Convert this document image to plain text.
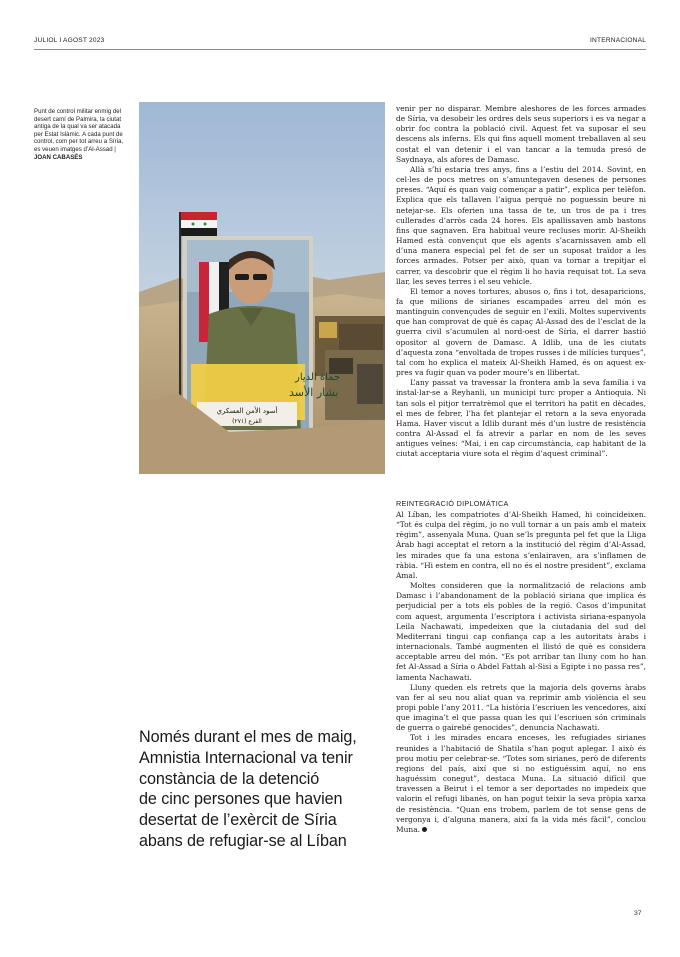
JULIOL I AGOST 2023	INTERNACIONAL
Punt de control militar enmig del desert camí de Palmira, la ciutat antiga de la qual va ser atacada per Estat Islàmic. A cada punt de control, com per tot arreu a Síria, es veuen imatges d’Al-Assad | JOAN CABASÉS
حماة الديار
بشار الأسد
أسود الأمن العسكري
الفرع (٢٧١)
Només durant el mes de maig,
Amnistia Internacional va tenir
constància de la detenció
de cinc persones que havien
desertat de l’exèrcit de Síria
abans de refugiar-se al Líban

venir per no disparar. Membre aleshores de les forces armades de Síria, va desobeir les ordres dels seus superiors i es va negar a obrir foc contra la població civil. Aquest fet va suposar el seu descens als inferns. Els qui fins aquell moment treballaven al seu costat el van detenir i el van tancar a la temuda presó de Saydnaya, als afores de Damasc.

Allà s’hi estaria tres anys, fins a l’estiu del 2014. Sovint, en cel·les de pocs metres on s’amuntegaven desenes de persones preses. “Aquí és quan vaig començar a patir”, explica per telèfon. Explica que els tallaven l’aigua perquè no poguessin beure ni netejar-se. Els oferien una tassa de te, un tros de pa i tres cullerades d’arròs cada 24 hores. Els apallissaven amb bastons fins que sagnaven. Era habitual veure recluses morir. Al-Sheikh Hamed està convençut que els agents s’acarnissaven amb ell d’una manera especial pel fet de ser un suposat traïdor a les forces armades. Potser per això, quan va tornar a trepitjar el carrer, va descobrir que el règim li ho havia requisat tot. La seva llar, les seves terres i el seu vehicle.

El temor a noves tortures, abusos o, fins i tot, desaparicions, fa que milions de sirianes escampades arreu del món es mantinguin convençudes de seguir en l’exili. Moltes supervivents que han comprovat de què és capaç Al-Assad des de l’esclat de la guerra civil s’acumulen al nord-oest de Síria, el darrer bastió opositor al govern de Damasc. A Idlib, una de les ciutats d’aquesta zona “envoltada de tropes russes i de milícies turques”, tal com ho explica el mateix Al-Sheikh Hamed, és on aquest ex-pres va fugir quan va poder moure’s en llibertat.

L’any passat va travessar la frontera amb la seva família i va instal·lar-se a Reyhanli, un municipi turc proper a Antioquia. Ni tan sols el pitjor terratrèmol que el territori ha patit en dècades, el mes de febrer, l’ha fet plantejar el retorn a la seva enyorada Hama. Haver viscut a Idlib durant més d’un lustre de resistència contra Al-Assad el fa atrevir a parlar en nom de les seves antigues veïnes: “Mai, i en cap circumstància, cap habitant de la ciutat acceptaria viure sota el règim d’aquest criminal”.

REINTEGRACIÓ DIPLOMÀTICA

Al Líban, les compatriotes d’Al-Sheikh Hamed, hi coincideixen. “Tot és culpa del règim, jo no vull tornar a un país amb el mateix règim”, assenyala Muna. Quan se’ls pregunta pel fet que la Lliga Àrab hagi acceptat el retorn a la institució del règim d’Al-Assad, les mirades que fa una estona s’enlairaven, ara s’inflamen de ràbia. “Hi estem en contra, ell no és el nostre president”, exclama Amal.

Moltes consideren que la normalització de relacions amb Damasc i l’abandonament de la població siriana que implica és perjudicial per a tots els pobles de la regió. Casos d’impunitat com aquest, argumenta l’escriptora i activista siriana-espanyola Leila Nachawati, impedeixen que la ciutadania del sud del Mediterrani tingui cap confiança cap a les autoritats àrabs i internacionals. També augmenten el llistó de què es considera acceptable arreu del món. “Es pot arribar tan lluny com ho han fet Al-Assad a Síria o Abdel Fattah al-Sisi a Egipte i no passa res”, lamenta Nachawati.

Lluny queden els retrets que la majoria dels governs àrabs van fer al seu nou aliat quan va reprimir amb violència el seu propi poble l’any 2011. “La història l’escriuen les vencedores, així que imagina’t el que passa quan les qui l’escriuen són criminals de guerra o gairebé genocides”, denuncia Nachawati.

Tot i les mirades encara enceses, les refugiades sirianes reunides a l’habitació de Shatila s’han pogut aplegar. I això és prou motiu per celebrar-se. “Totes som sirianes, però de diferents regions del país, així que si no estiguéssim aquí, no ens haguéssim conegut”, destaca Muna. La situació difícil que travessen a Beirut i el temor a ser deportades no impedeix que valorin el refugi libanès, on han pogut teixir la seva pròpia xarxa de resistència. “Quan ens trobem, parlem de tot sense gens de vergonya i, d’alguna manera, així fa la vida més fàcil”, conclou Muna.

37
